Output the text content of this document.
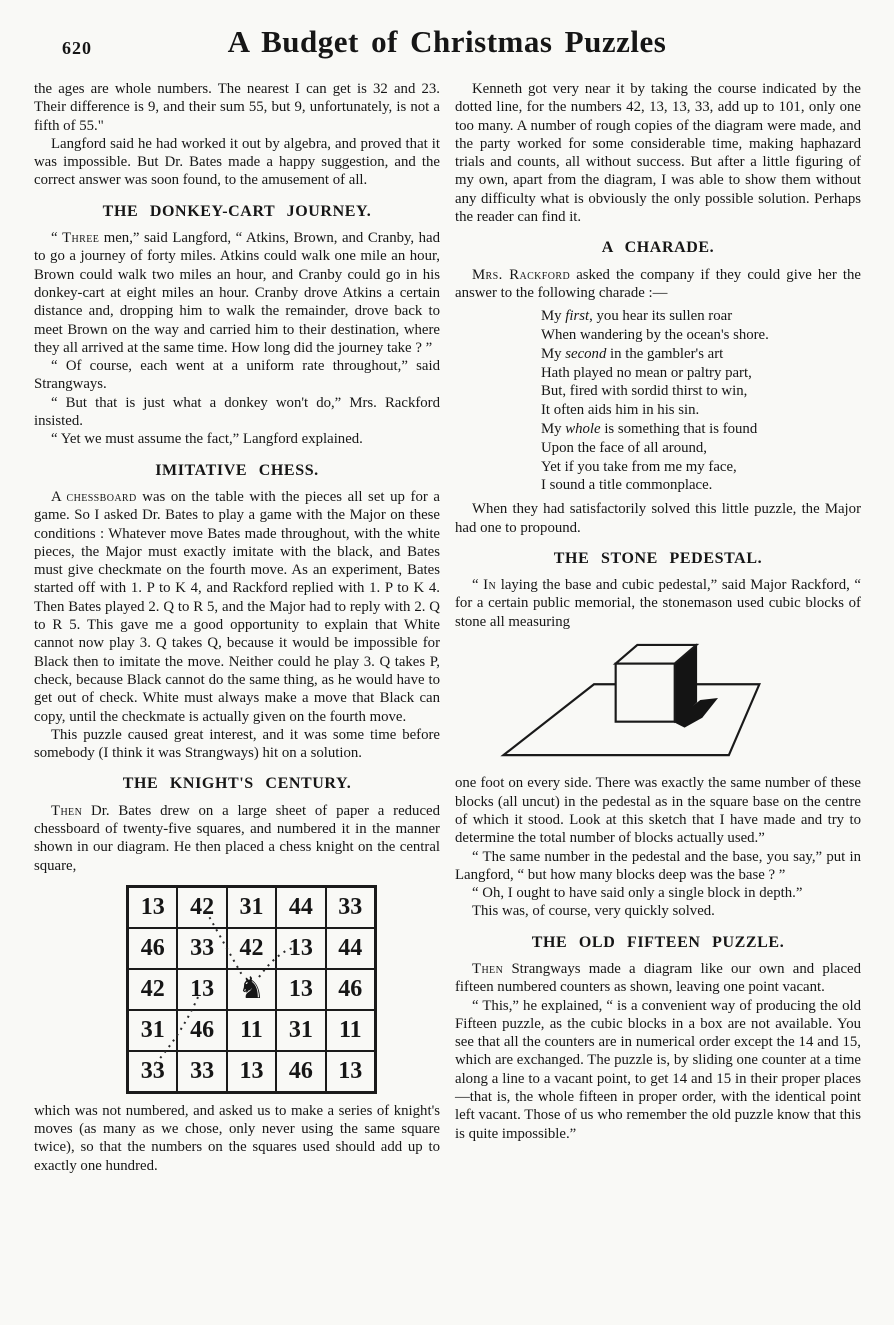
620	A Budget of Christmas Puzzles

the ages are whole numbers. The nearest I can get is 32 and 23. Their difference is 9, and their sum 55, but 9, unfortunately, is not a fifth of 55."

Langford said he had worked it out by algebra, and proved that it was impossible. But Dr. Bates made a happy suggestion, and the correct answer was soon found, to the amusement of all.

THE DONKEY-CART JOURNEY.

“ Three men,” said Langford, “ Atkins, Brown, and Cranby, had to go a journey of forty miles. Atkins could walk one mile an hour, Brown could walk two miles an hour, and Cranby could go in his donkey-cart at eight miles an hour. Cranby drove Atkins a certain distance and, dropping him to walk the remainder, drove back to meet Brown on the way and carried him to their destination, where they all arrived at the same time. How long did the journey take ? ”

“ Of course, each went at a uniform rate throughout,” said Strangways.

“ But that is just what a donkey won't do,” Mrs. Rackford insisted.

“ Yet we must assume the fact,” Langford explained.

IMITATIVE CHESS.

A chessboard was on the table with the pieces all set up for a game. So I asked Dr. Bates to play a game with the Major on these conditions : Whatever move Bates made throughout, with the white pieces, the Major must exactly imitate with the black, and Bates must give checkmate on the fourth move. As an experiment, Bates started off with 1. P to K 4, and Rackford replied with 1. P to K 4. Then Bates played 2. Q to R 5, and the Major had to reply with 2. Q to R 5. This gave me a good opportunity to explain that White cannot now play 3. Q takes Q, because it would be impossible for Black then to imitate the move. Neither could he play 3. Q takes P, check, because Black cannot do the same thing, as he would have to get out of check. White must always make a move that Black can copy, until the checkmate is actually given on the fourth move.

This puzzle caused great interest, and it was some time before somebody (I think it was Strangways) hit on a solution.

THE KNIGHT'S CENTURY.

Then Dr. Bates drew on a large sheet of paper a reduced chessboard of twenty-five squares, and numbered it in the manner shown in our diagram. He then placed a chess knight on the central square,

13	42	31	44	33
46	33	42	13	44
42	13	♞	13	46
31	46	11	31	11
33	33	13	46	13

which was not numbered, and asked us to make a series of knight's moves (as many as we chose, only never using the same square twice), so that the numbers on the squares used should add up to exactly one hundred.

Kenneth got very near it by taking the course indicated by the dotted line, for the numbers 42, 13, 13, 33, add up to 101, only one too many. A number of rough copies of the diagram were made, and the party worked for some considerable time, making haphazard trials and counts, all without success. But after a little figuring of my own, apart from the diagram, I was able to show them without any difficulty what is obviously the only possible solution. Perhaps the reader can find it.

A CHARADE.

Mrs. Rackford asked the company if they could give her the answer to the following charade :—

My first, you hear its sullen roar
When wandering by the ocean's shore.
My second in the gambler's art
Hath played no mean or paltry part,
But, fired with sordid thirst to win,
It often aids him in his sin.
My whole is something that is found
Upon the face of all around,
Yet if you take from me my face,
I sound a title commonplace.

When they had satisfactorily solved this little puzzle, the Major had one to propound.

THE STONE PEDESTAL.

“ In laying the base and cubic pedestal,” said Major Rackford, “ for a certain public memorial, the stonemason used cubic blocks of stone all measuring

one foot on every side. There was exactly the same number of these blocks (all uncut) in the pedestal as in the square base on the centre of which it stood. Look at this sketch that I have made and try to determine the total number of blocks actually used.”

“ The same number in the pedestal and the base, you say,” put in Langford, “ but how many blocks deep was the base ? ”

“ Oh, I ought to have said only a single block in depth.”

This was, of course, very quickly solved.

THE OLD FIFTEEN PUZZLE.

Then Strangways made a diagram like our own and placed fifteen numbered counters as shown, leaving one point vacant.

“ This,” he explained, “ is a convenient way of producing the old Fifteen puzzle, as the cubic blocks in a box are not available. You see that all the counters are in numerical order except the 14 and 15, which are exchanged. The puzzle is, by sliding one counter at a time along a line to a vacant point, to get 14 and 15 in their proper places—that is, the whole fifteen in proper order, with the identical point left vacant. Those of us who remember the old puzzle know that this is quite impossible.”
